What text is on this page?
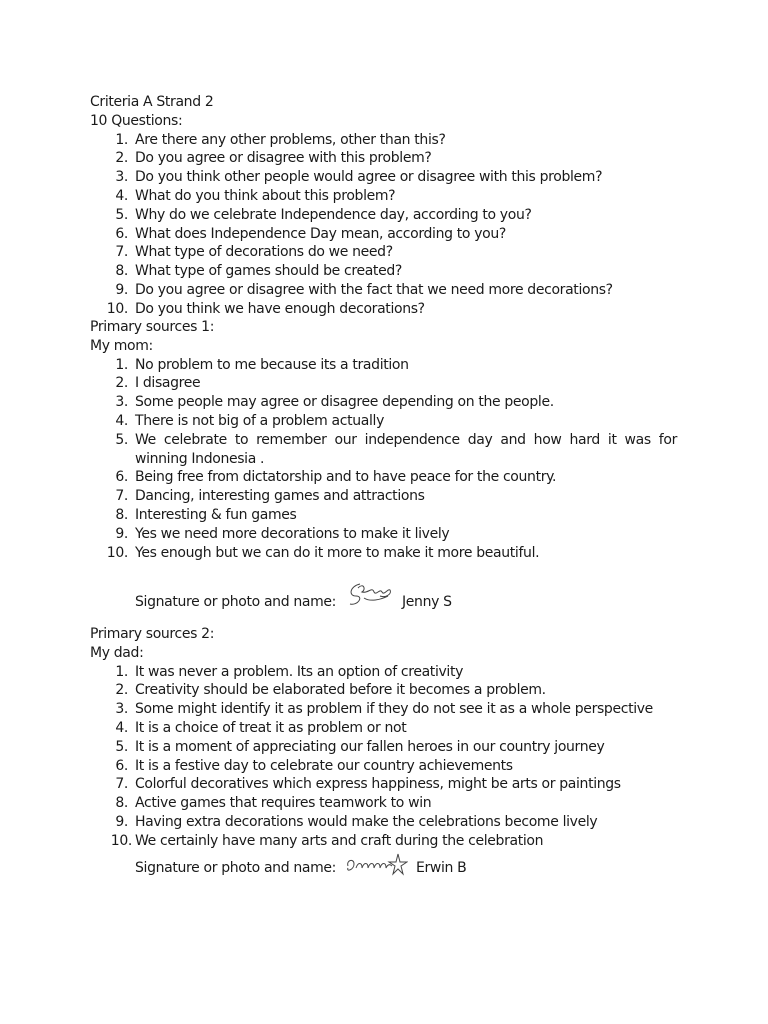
Criteria A Strand 2
10 Questions:
1. Are there any other problems, other than this?
2. Do you agree or disagree with this problem?
3. Do you think other people would agree or disagree with this problem?
4. What do you think about this problem?
5. Why do we celebrate Independence day, according to you?
6. What does Independence Day mean, according to you?
7. What type of decorations do we need?
8. What type of games should be created?
9. Do you agree or disagree with the fact that we need more decorations?
10. Do you think we have enough decorations?
Primary sources 1:
My mom:
1. No problem to me because its a tradition
2. I disagree
3. Some people may agree or disagree depending on the people.
4. There is not big of a problem actually
5. We celebrate to remember our independence day and how hard it was for winning Indonesia .
6. Being free from dictatorship and to have peace for the country.
7. Dancing, interesting games and attractions
8. Interesting & fun games
9. Yes we need more decorations to make it lively
10. Yes enough but we can do it more to make it more beautiful.
Signature or photo and name:	Jenny S
Primary sources 2:
My dad:
1. It was never a problem. Its an option of creativity
2. Creativity should be elaborated before it becomes a problem.
3. Some might identify it as problem if they do not see it as a whole perspective
4. It is a choice of treat it as problem or not
5. It is a moment of appreciating our fallen heroes in our country journey
6. It is a festive day to celebrate our country achievements
7. Colorful decoratives which express happiness, might be arts or paintings
8. Active games that requires teamwork to win
9. Having extra decorations would make the celebrations become lively
10. We certainly have many arts and craft during the celebration
Signature or photo and name:	Erwin B
